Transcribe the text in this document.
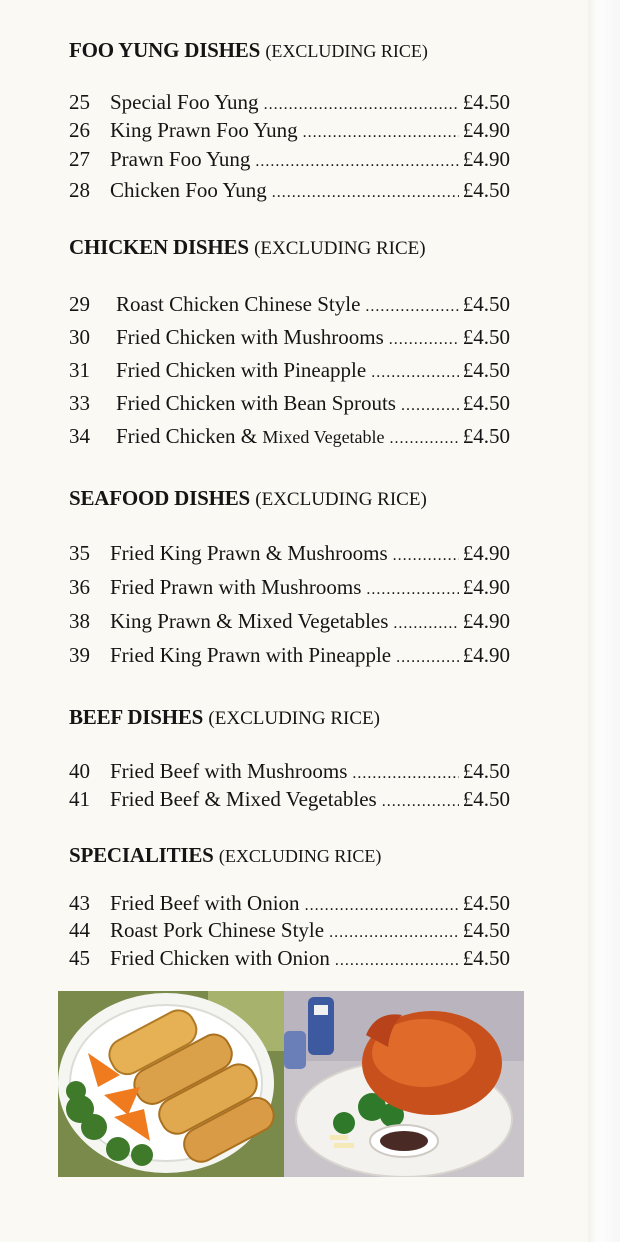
FOO YUNG DISHES (EXCLUDING RICE)
25 Special Foo Yung .....	£4.50
26 King Prawn Foo Yung .....	£4.90
27 Prawn Foo Yung .....	£4.90
28 Chicken Foo Yung .....	£4.50
CHICKEN DISHES (EXCLUDING RICE)
29	Roast Chicken Chinese Style .....	£4.50
30	Fried Chicken with Mushrooms .....	£4.50
31	Fried Chicken with Pineapple .....	£4.50
33	Fried Chicken with Bean Sprouts .....	£4.50
34	Fried Chicken & Mixed Vegetable .....	£4.50
SEAFOOD DISHES (EXCLUDING RICE)
35 Fried King Prawn & Mushrooms .....	£4.90
36 Fried Prawn with Mushrooms .....	£4.90
38 King Prawn & Mixed Vegetables .....	£4.90
39 Fried King Prawn with Pineapple .....	£4.90
BEEF DISHES (EXCLUDING RICE)
40 Fried Beef with Mushrooms .....	£4.50
41 Fried Beef & Mixed Vegetables .....	£4.50
SPECIALITIES (EXCLUDING RICE)
43 Fried Beef with Onion .....	£4.50
44 Roast Pork Chinese Style .....	£4.50
45 Fried Chicken with Onion .....	£4.50
